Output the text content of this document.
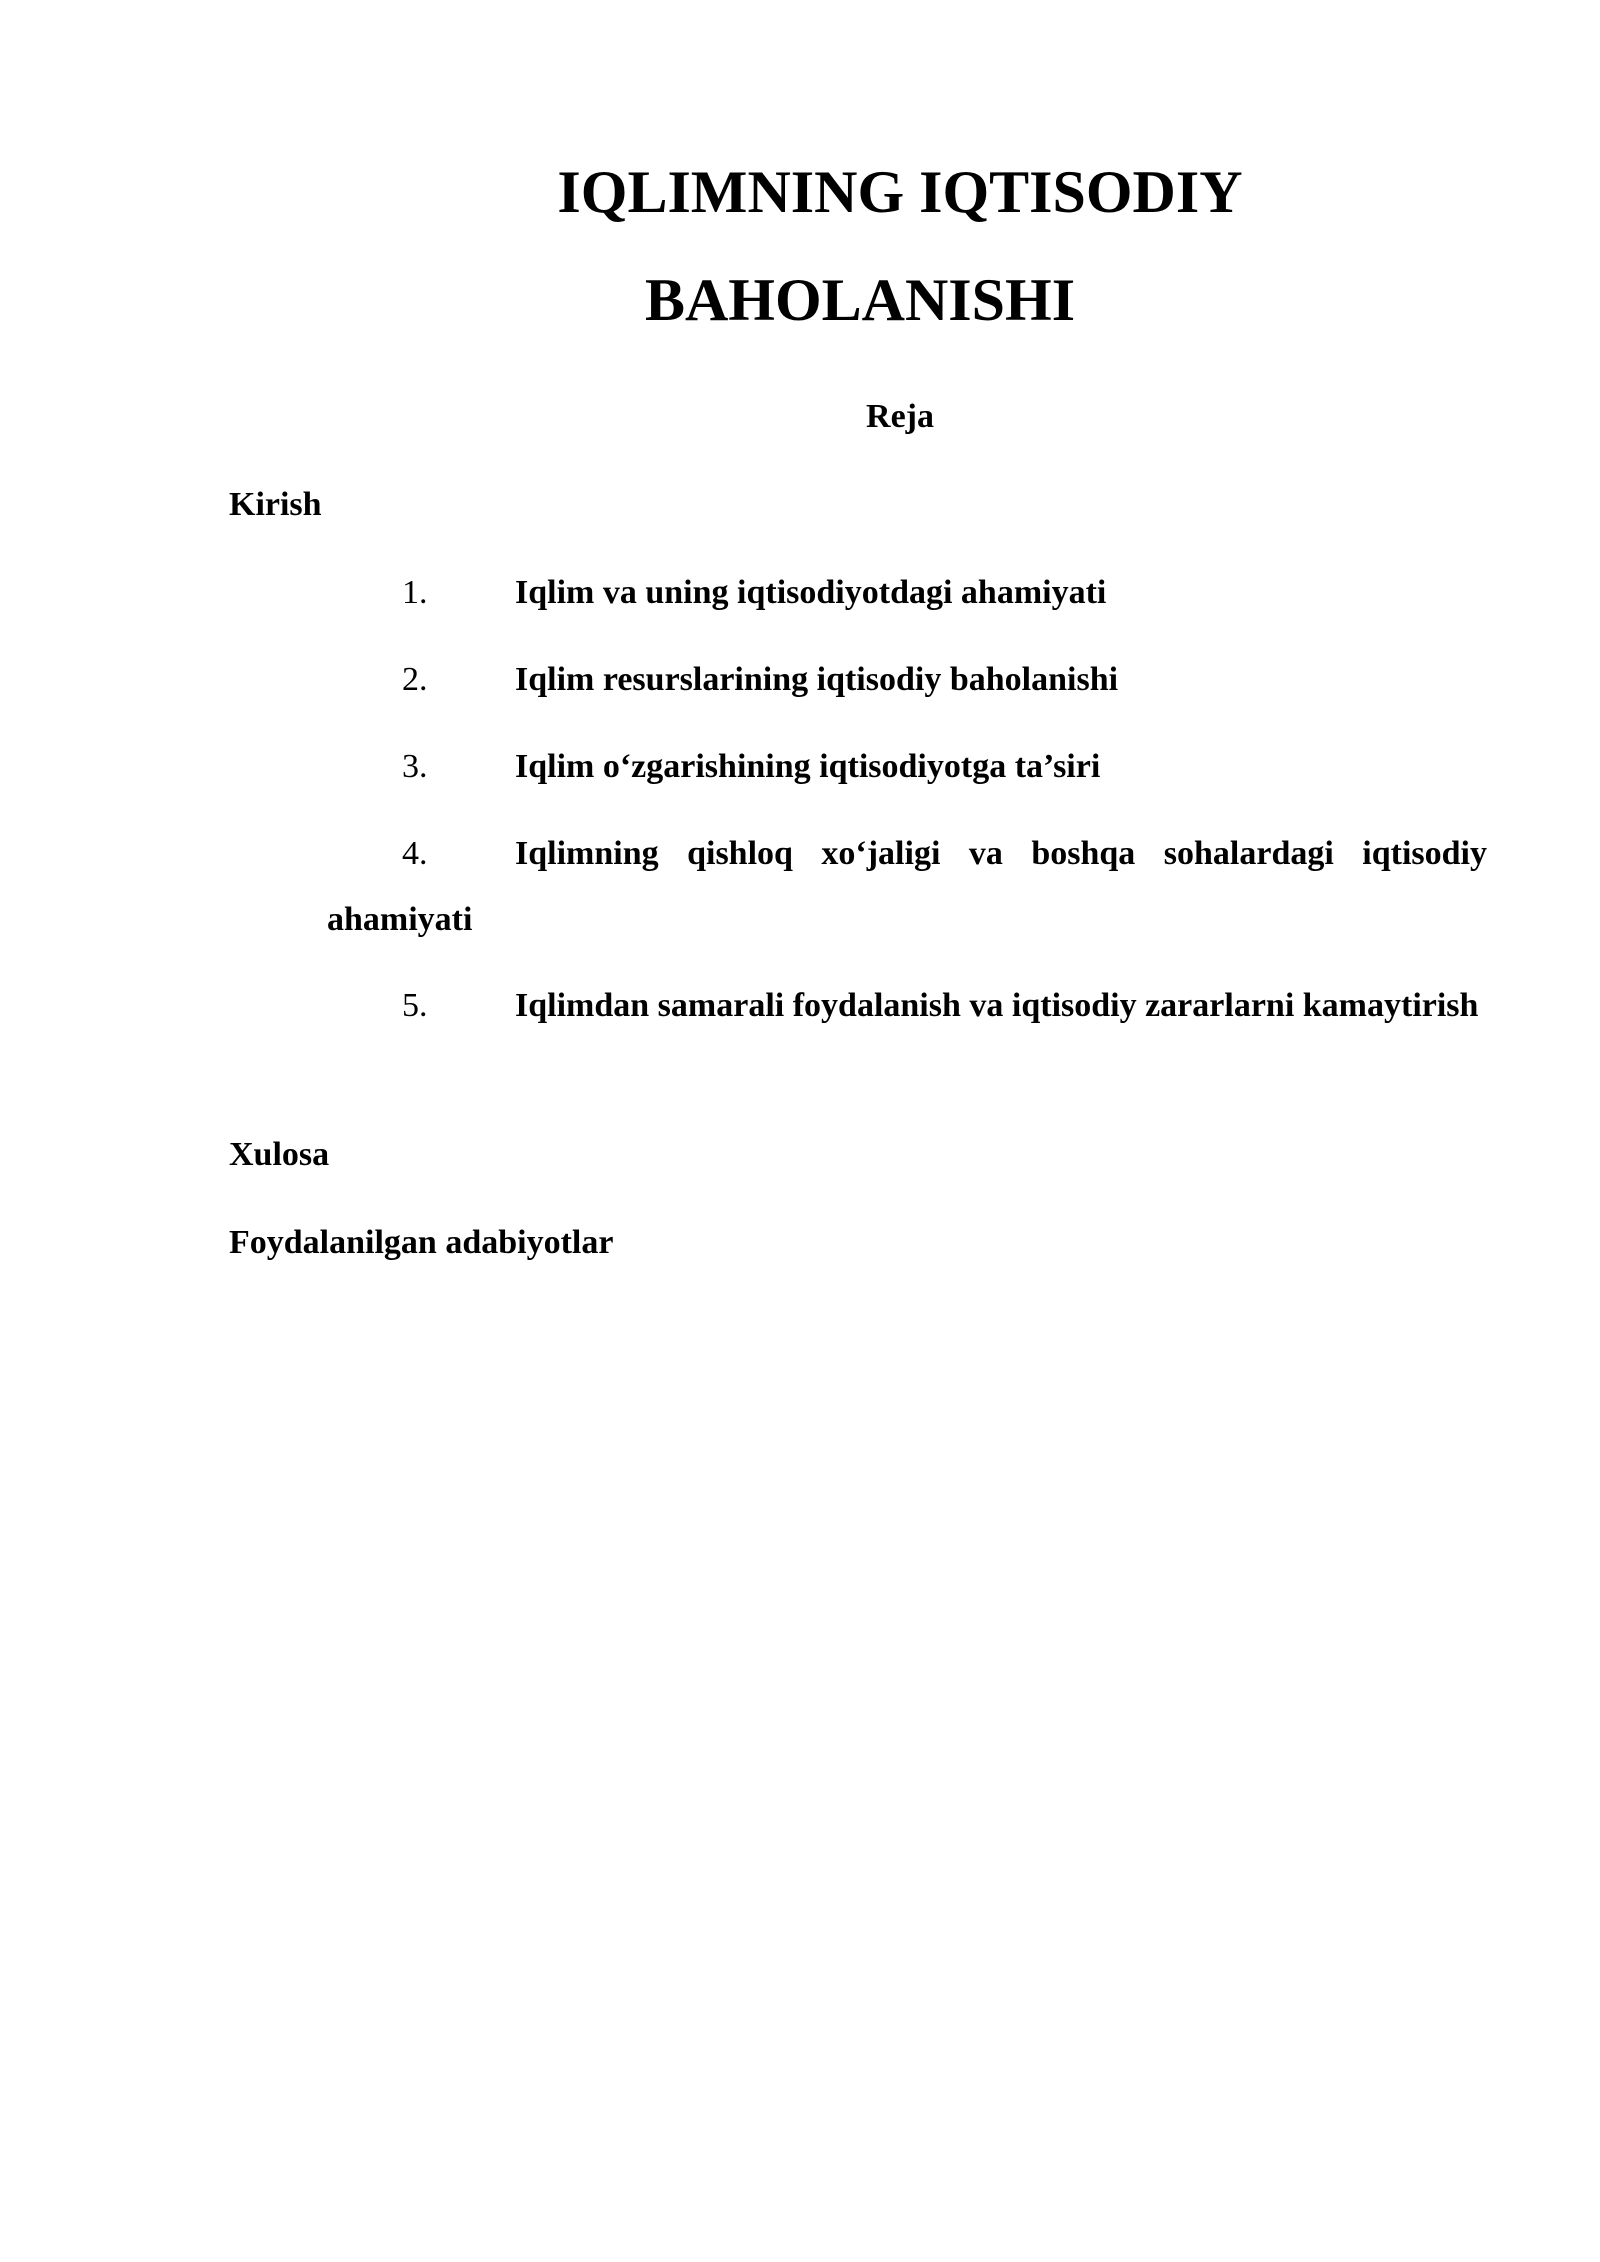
IQLIMNING IQTISODIY
BAHOLANISHI
Reja
Kirish
1.	Iqlim va uning iqtisodiyotdagi ahamiyati
2.	Iqlim resurslarining iqtisodiy baholanishi
3.	Iqlim o‘zgarishining iqtisodiyotga ta’siri
4.	Iqlimning qishloq xo‘jaligi va boshqa sohalardagi iqtisodiy ahamiyati
5.	Iqlimdan samarali foydalanish va iqtisodiy zararlarni kamaytirish
Xulosa
Foydalanilgan adabiyotlar
